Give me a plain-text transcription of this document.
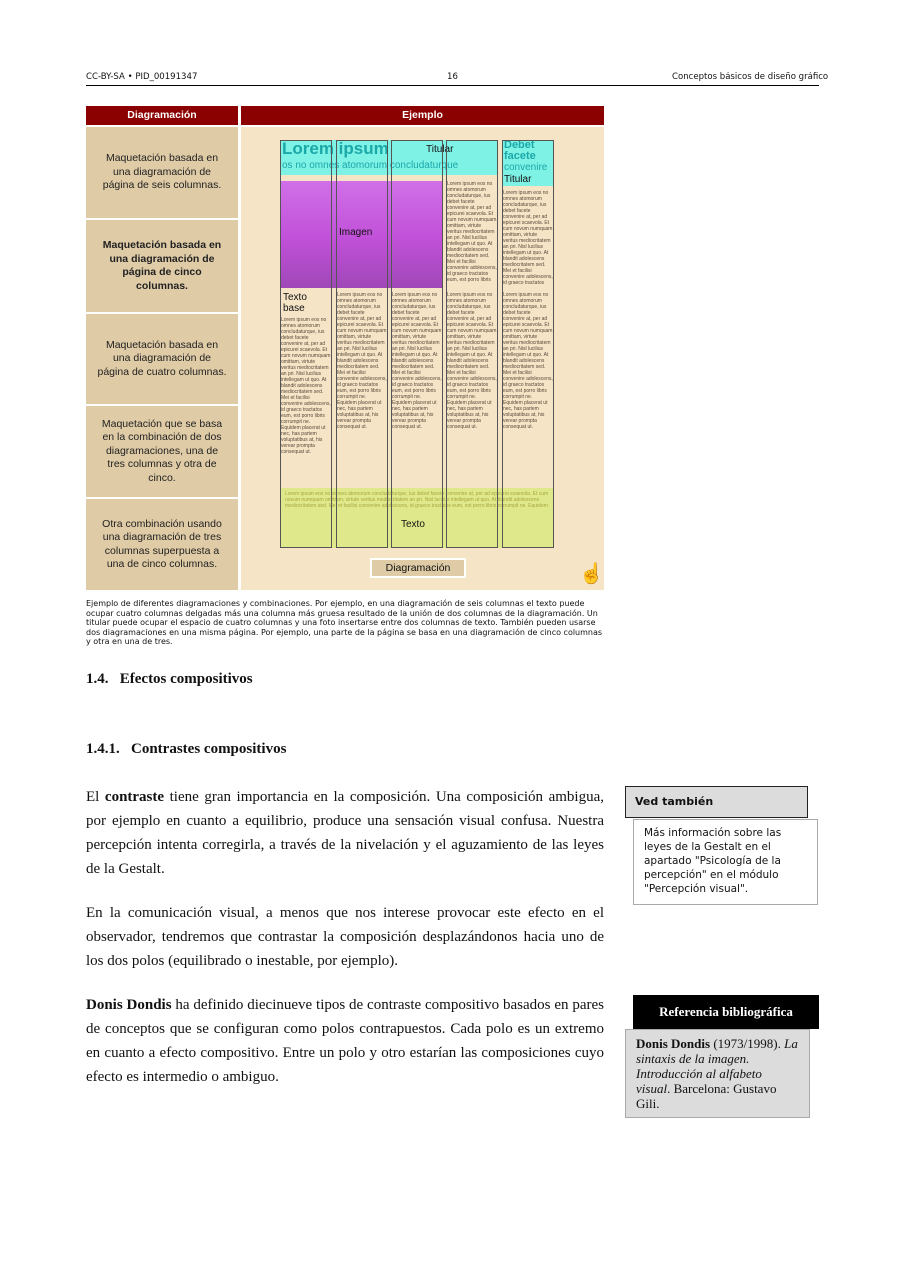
CC-BY-SA • PID_00191347	16	Conceptos básicos de diseño gráfico
Diagramación	Ejemplo
Maquetación basada en una diagramación de página de seis columnas.
Maquetación basada en una diagramación de página de cinco columnas.
Maquetación basada en una diagramación de página de cuatro columnas.
Maquetación que se basa en la combinación de dos diagramaciones, una de tres columnas y otra de cinco.
Otra combinación usando una diagramación de tres columnas superpuesta a una de cinco columnas.
Lorem ipsum
os no omnes atomorum concludaturque
Titular	Debet facete
convenire
Titular
Imagen
Lorem ipsum eos no omnes atomorum concludaturque, ius debet facete convenire at, per ad epicurei scaevola. Et cum novum numquam omittam, virtute veritus mediocritatem an pri. Nisl lucilius intellegam ut quo. At blandit adolescens mediocritatem sed. Mei et facilisi convenire adolescens, id graeco tractatos eum, est porro libris
Lorem ipsum eos no omnes atomorum concludaturque, ius debet facete convenire at, per ad epicurei scaevola. Et cum novum numquam omittam, virtute veritus mediocritatem an pri. Nisl lucilius intellegam ut quo. At blandit adolescens mediocritatem sed. Mei et facilisi convenire adolescens, id graeco tractatos
Texto base
Lorem ipsum eos no omnes atomorum concludaturque, ius debet facete convenire at, per ad epicurei scaevola. Et cum novum numquam omittam, virtute veritus mediocritatem an pri. Nisl lucilius intellegam ut quo. At blandit adolescens mediocritatem sed. Mei et facilisi convenire adolescens, id graeco tractatos eum, est porro libris corrumpit ne. Equidem placerat ut nec, has partem voluptatibus at, his verear prompta consequat ut.
Lorem ipsum eos no omnes atomorum concludaturque, ius debet facete convenire at, per ad epicurei scaevola. Et cum novum numquam omittam, virtute veritus mediocritatem an pri. Nisl lucilius intellegam ut quo. At blandit adolescens mediocritatem sed. Mei et facilisi convenire adolescens, id graeco tractatos eum, est porro libris corrumpit ne. Equidem placerat ut nec, has partem voluptatibus at, his verear prompta consequat ut.
Lorem ipsum eos no omnes atomorum concludaturque, ius debet facete convenire at, per ad epicurei scaevola. Et cum novum numquam omittam, virtute veritus mediocritatem an pri. Nisl lucilius intellegam ut quo. At blandit adolescens mediocritatem sed. Mei et facilisi convenire adolescens, id graeco tractatos eum, est porro libris corrumpit ne. Equidem placerat ut nec, has partem voluptatibus at, his verear prompta consequat ut.
Lorem ipsum eos no omnes atomorum concludaturque, ius debet facete convenire at, per ad epicurei scaevola. Et cum novum numquam omittam, virtute veritus mediocritatem an pri. Nisl lucilius intellegam ut quo. At blandit adolescens mediocritatem sed. Mei et facilisi convenire adolescens, id graeco tractatos eum, est porro libris corrumpit ne. Equidem placerat ut nec, has partem voluptatibus at, his verear prompta consequat ut.
Lorem ipsum eos no omnes atomorum concludaturque, ius debet facete convenire at, per ad epicurei scaevola. Et cum novum numquam omittam, virtute veritus mediocritatem an pri. Nisl lucilius intellegam ut quo. At blandit adolescens mediocritatem sed. Mei et facilisi convenire adolescens, id graeco tractatos eum, est porro libris corrumpit ne. Equidem placerat ut nec, has partem voluptatibus at, his verear prompta consequat ut.
Lorem ipsum eos no omnes atomorum concludaturque, ius debet facete convenire at, per ad epicurei scaevola. Et cum novum numquam omittam, virtute veritus mediocritatem an pri. Nisl lucilius intellegam ut quo. At blandit adolescens mediocritatem sed. Mei et facilisi convenire adolescens, id graeco tractatos eum, est porro libris corrumpit ne. Equidem
Texto
Diagramación	☝
Ejemplo de diferentes diagramaciones y combinaciones. Por ejemplo, en una diagramación de seis columnas el texto puede ocupar cuatro columnas delgadas más una columna más gruesa resultado de la unión de dos columnas de la diagramación. Un titular puede ocupar el espacio de cuatro columnas y una foto insertarse entre dos columnas de texto. También pueden usarse dos diagramaciones en una misma página. Por ejemplo, una parte de la página se basa en una diagramación de cinco columnas y otra en una de tres.
1.4. Efectos compositivos
1.4.1. Contrastes compositivos

El contraste tiene gran importancia en la composición. Una composición ambigua, por ejemplo en cuanto a equilibrio, produce una sensación visual confusa. Nuestra percepción intenta corregirla, a través de la nivelación y el aguzamiento de las leyes de la Gestalt.

En la comunicación visual, a menos que nos interese provocar este efecto en el observador, tendremos que contrastar la composición desplazándonos hacia uno de los dos polos (equilibrado o inestable, por ejemplo).

Donis Dondis ha definido diecinueve tipos de contraste compositivo basados en pares de conceptos que se configuran como polos contrapuestos. Cada polo es un extremo en cuanto a efecto compositivo. Entre un polo y otro estarían las composiciones cuyo efecto es intermedio o ambiguo.

Ved también
Más información sobre las leyes de la Gestalt en el apartado "Psicología de la percepción" en el módulo "Percepción visual".
Referencia bibliográfica
Donis Dondis (1973/1998). La sintaxis de la imagen. Introducción al alfabeto visual. Barcelona: Gustavo Gili.
